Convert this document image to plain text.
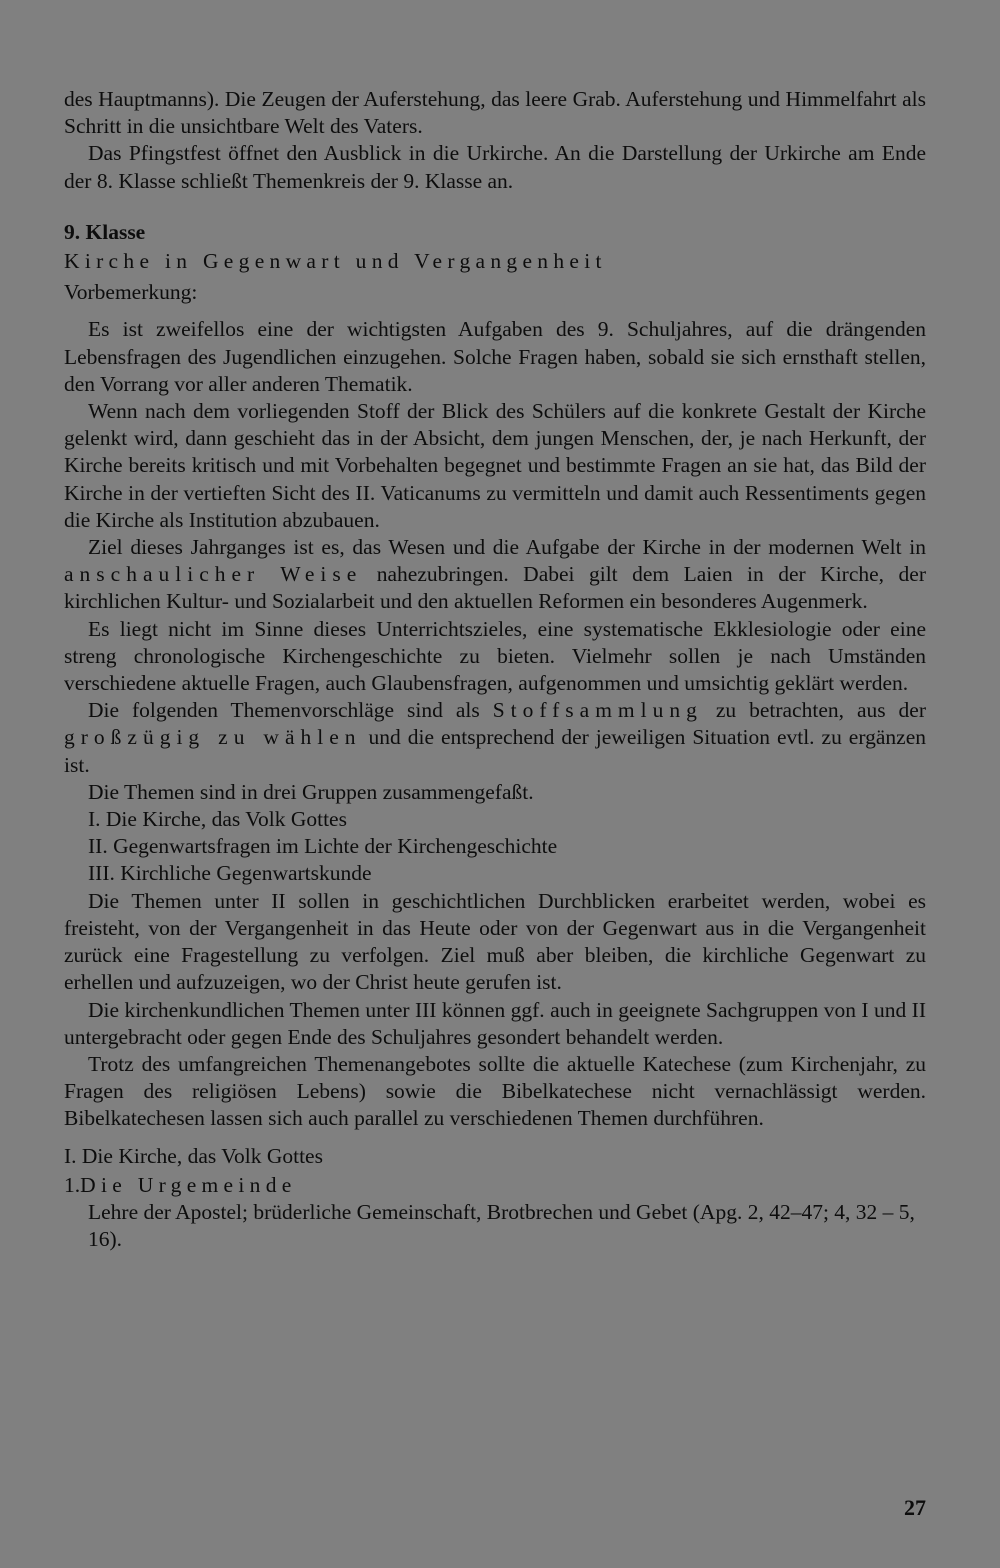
des Hauptmanns). Die Zeugen der Auferstehung, das leere Grab. Auferstehung und Himmelfahrt als Schritt in die unsichtbare Welt des Vaters.

Das Pfingstfest öffnet den Ausblick in die Urkirche. An die Darstellung der Urkirche am Ende der 8. Klasse schließt Themenkreis der 9. Klasse an.

9. Klasse

Kirche in Gegenwart und Vergangenheit

Vorbemerkung:

Es ist zweifellos eine der wichtigsten Aufgaben des 9. Schuljahres, auf die drängenden Lebensfragen des Jugendlichen einzugehen. Solche Fragen haben, sobald sie sich ernsthaft stellen, den Vorrang vor aller anderen Thematik.

Wenn nach dem vorliegenden Stoff der Blick des Schülers auf die konkrete Gestalt der Kirche gelenkt wird, dann geschieht das in der Absicht, dem jungen Menschen, der, je nach Herkunft, der Kirche bereits kritisch und mit Vorbehalten begegnet und bestimmte Fragen an sie hat, das Bild der Kirche in der vertieften Sicht des II. Vaticanums zu vermitteln und damit auch Ressentiments gegen die Kirche als Institution abzubauen.

Ziel dieses Jahrganges ist es, das Wesen und die Aufgabe der Kirche in der modernen Welt in anschaulicher Weise nahezubringen. Dabei gilt dem Laien in der Kirche, der kirchlichen Kultur- und Sozialarbeit und den aktuellen Reformen ein besonderes Augenmerk.

Es liegt nicht im Sinne dieses Unterrichtszieles, eine systematische Ekklesiologie oder eine streng chronologische Kirchengeschichte zu bieten. Vielmehr sollen je nach Umständen verschiedene aktuelle Fragen, auch Glaubensfragen, aufgenommen und umsichtig geklärt werden.

Die folgenden Themenvorschläge sind als Stoffsammlung zu betrachten, aus der großzügig zu wählen und die entsprechend der jeweiligen Situation evtl. zu ergänzen ist.

Die Themen sind in drei Gruppen zusammengefaßt.

I. Die Kirche, das Volk Gottes

II. Gegenwartsfragen im Lichte der Kirchengeschichte

III. Kirchliche Gegenwartskunde

Die Themen unter II sollen in geschichtlichen Durchblicken erarbeitet werden, wobei es freisteht, von der Vergangenheit in das Heute oder von der Gegenwart aus in die Vergangenheit zurück eine Fragestellung zu verfolgen. Ziel muß aber bleiben, die kirchliche Gegenwart zu erhellen und aufzuzeigen, wo der Christ heute gerufen ist.

Die kirchenkundlichen Themen unter III können ggf. auch in geeignete Sachgruppen von I und II untergebracht oder gegen Ende des Schuljahres gesondert behandelt werden.

Trotz des umfangreichen Themenangebotes sollte die aktuelle Katechese (zum Kirchenjahr, zu Fragen des religiösen Lebens) sowie die Bibelkatechese nicht vernachlässigt werden. Bibelkatechesen lassen sich auch parallel zu verschiedenen Themen durchführen.

I. Die Kirche, das Volk Gottes

1.Die Urgemeinde

Lehre der Apostel; brüderliche Gemeinschaft, Brotbrechen und Gebet (Apg. 2, 42–47; 4, 32 – 5, 16).

27
